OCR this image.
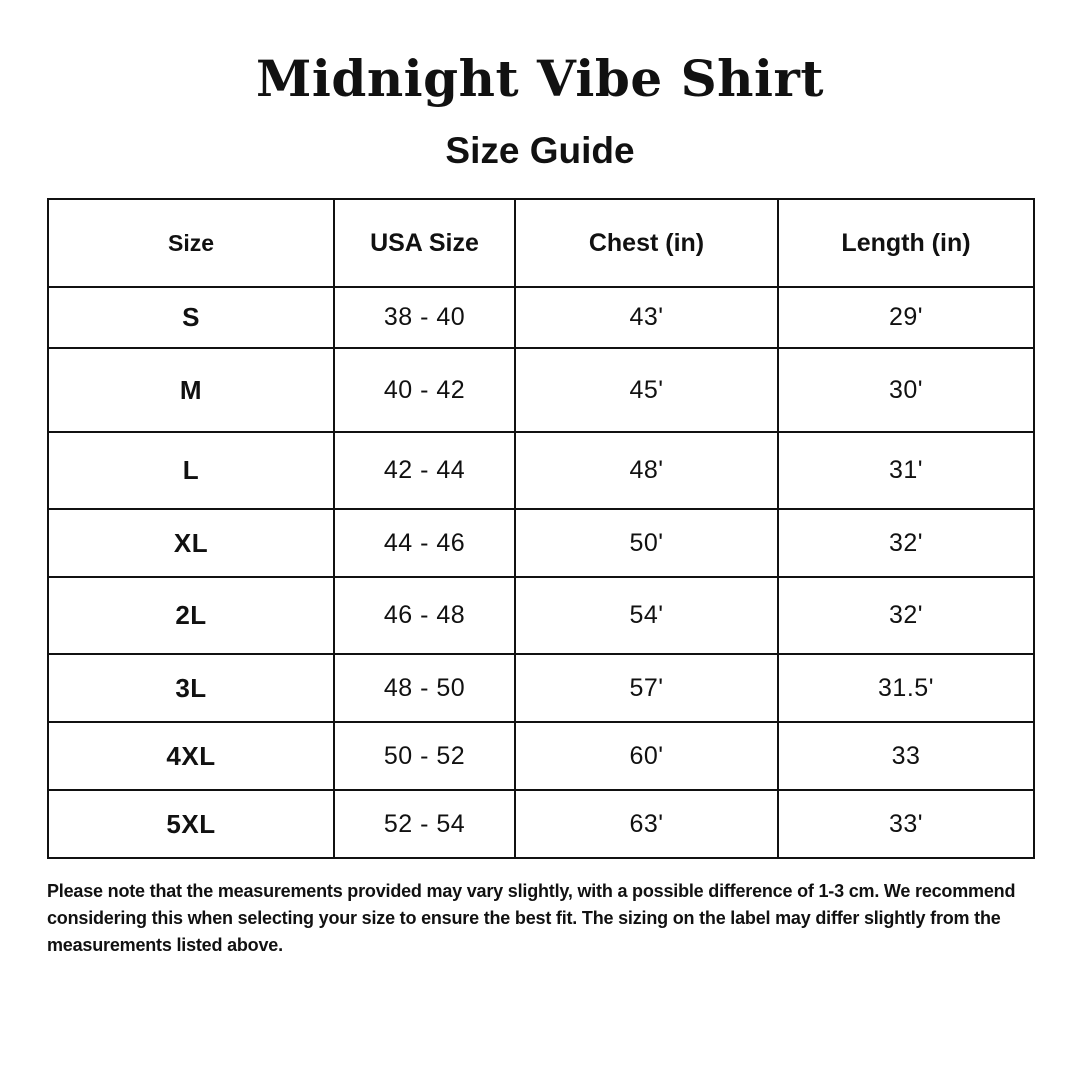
Midnight Vibe Shirt
Size Guide
Size	USA Size	Chest (in)	Length (in)
S	38 - 40	43'	29'
M	40 - 42	45'	30'
L	42 - 44	48'	31'
XL	44 - 46	50'	32'
2L	46 - 48	54'	32'
3L	48 - 50	57'	31.5'
4XL	50 - 52	60'	33
5XL	52 - 54	63'	33'

Please note that the measurements provided may vary slightly, with a possible difference of 1-3 cm. We recommend considering this when selecting your size to ensure the best fit. The sizing on the label may differ slightly from the measurements listed above.
